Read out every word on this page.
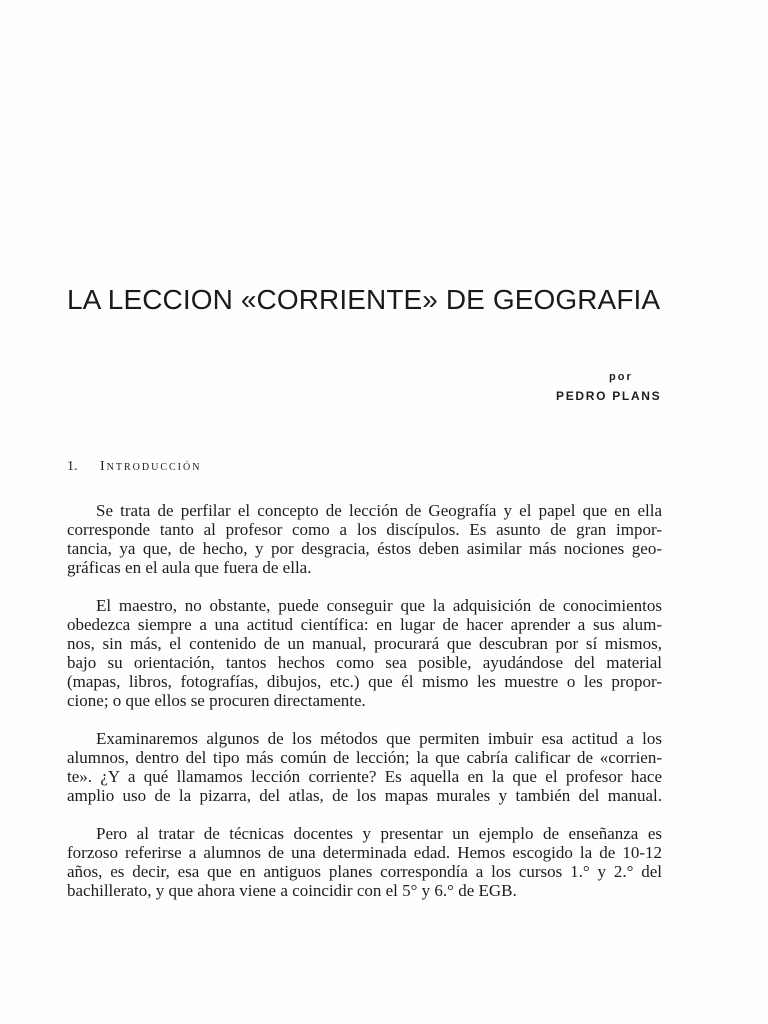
LA LECCION «CORRIENTE» DE GEOGRAFIA
por
PEDRO PLANS
1. Introducción
Se trata de perfilar el concepto de lección de Geografía y el papel que en ella
corresponde tanto al profesor como a los discípulos. Es asunto de gran impor-
tancia, ya que, de hecho, y por desgracia, éstos deben asimilar más nociones geo-
gráficas en el aula que fuera de ella.
El maestro, no obstante, puede conseguir que la adquisición de conocimientos
obedezca siempre a una actitud científica: en lugar de hacer aprender a sus alum-
nos, sin más, el contenido de un manual, procurará que descubran por sí mismos,
bajo su orientación, tantos hechos como sea posible, ayudándose del material
(mapas, libros, fotografías, dibujos, etc.) que él mismo les muestre o les propor-
cione; o que ellos se procuren directamente.
Examinaremos algunos de los métodos que permiten imbuir esa actitud a los
alumnos, dentro del tipo más común de lección; la que cabría calificar de «corrien-
te». ¿Y a qué llamamos lección corriente? Es aquella en la que el profesor hace
amplio uso de la pizarra, del atlas, de los mapas murales y también del manual.
Pero al tratar de técnicas docentes y presentar un ejemplo de enseñanza es
forzoso referirse a alumnos de una determinada edad. Hemos escogido la de 10-12
años, es decir, esa que en antiguos planes correspondía a los cursos 1.° y 2.° del
bachillerato, y que ahora viene a coincidir con el 5° y 6.° de EGB.
